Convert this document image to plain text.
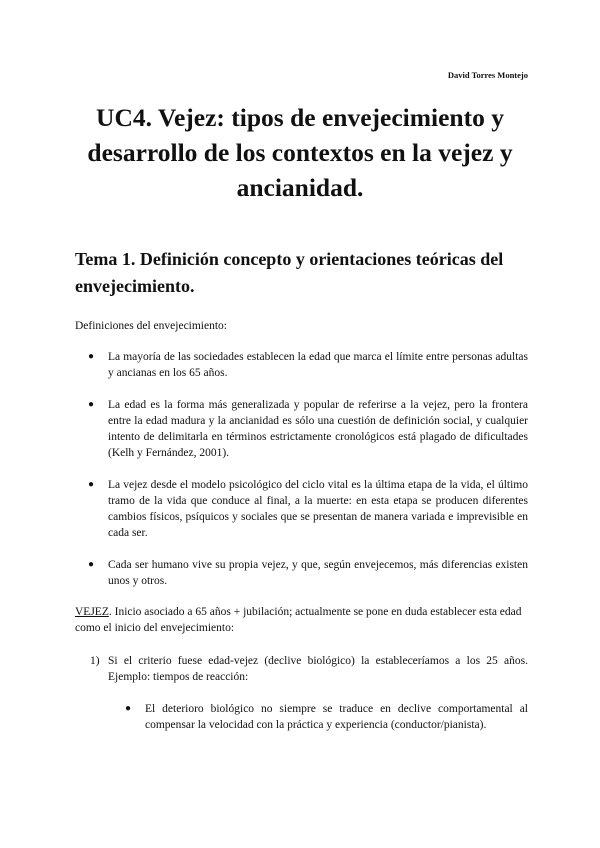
David Torres Montejo
UC4. Vejez: tipos de envejecimiento y desarrollo de los contextos en la vejez y ancianidad.
Tema 1. Definición concepto y orientaciones teóricas del envejecimiento.
Definiciones del envejecimiento:
● La mayoría de las sociedades establecen la edad que marca el límite entre personas adultas y ancianas en los 65 años.
● La edad es la forma más generalizada y popular de referirse a la vejez, pero la frontera entre la edad madura y la ancianidad es sólo una cuestión de definición social, y cualquier intento de delimitarla en términos estrictamente cronológicos está plagado de dificultades (Kelh y Fernández, 2001).
● La vejez desde el modelo psicológico del ciclo vital es la última etapa de la vida, el último tramo de la vida que conduce al final, a la muerte: en esta etapa se producen diferentes cambios físicos, psíquicos y sociales que se presentan de manera variada e imprevisible en cada ser.
● Cada ser humano vive su propia vejez, y que, según envejecemos, más diferencias existen unos y otros.
VEJEZ. Inicio asociado a 65 años + jubilación; actualmente se pone en duda establecer esta edad como el inicio del envejecimiento:
1) Si el criterio fuese edad-vejez (declive biológico) la estableceríamos a los 25 años. Ejemplo: tiempos de reacción:
● El deterioro biológico no siempre se traduce en declive comportamental al compensar la velocidad con la práctica y experiencia (conductor/pianista).
